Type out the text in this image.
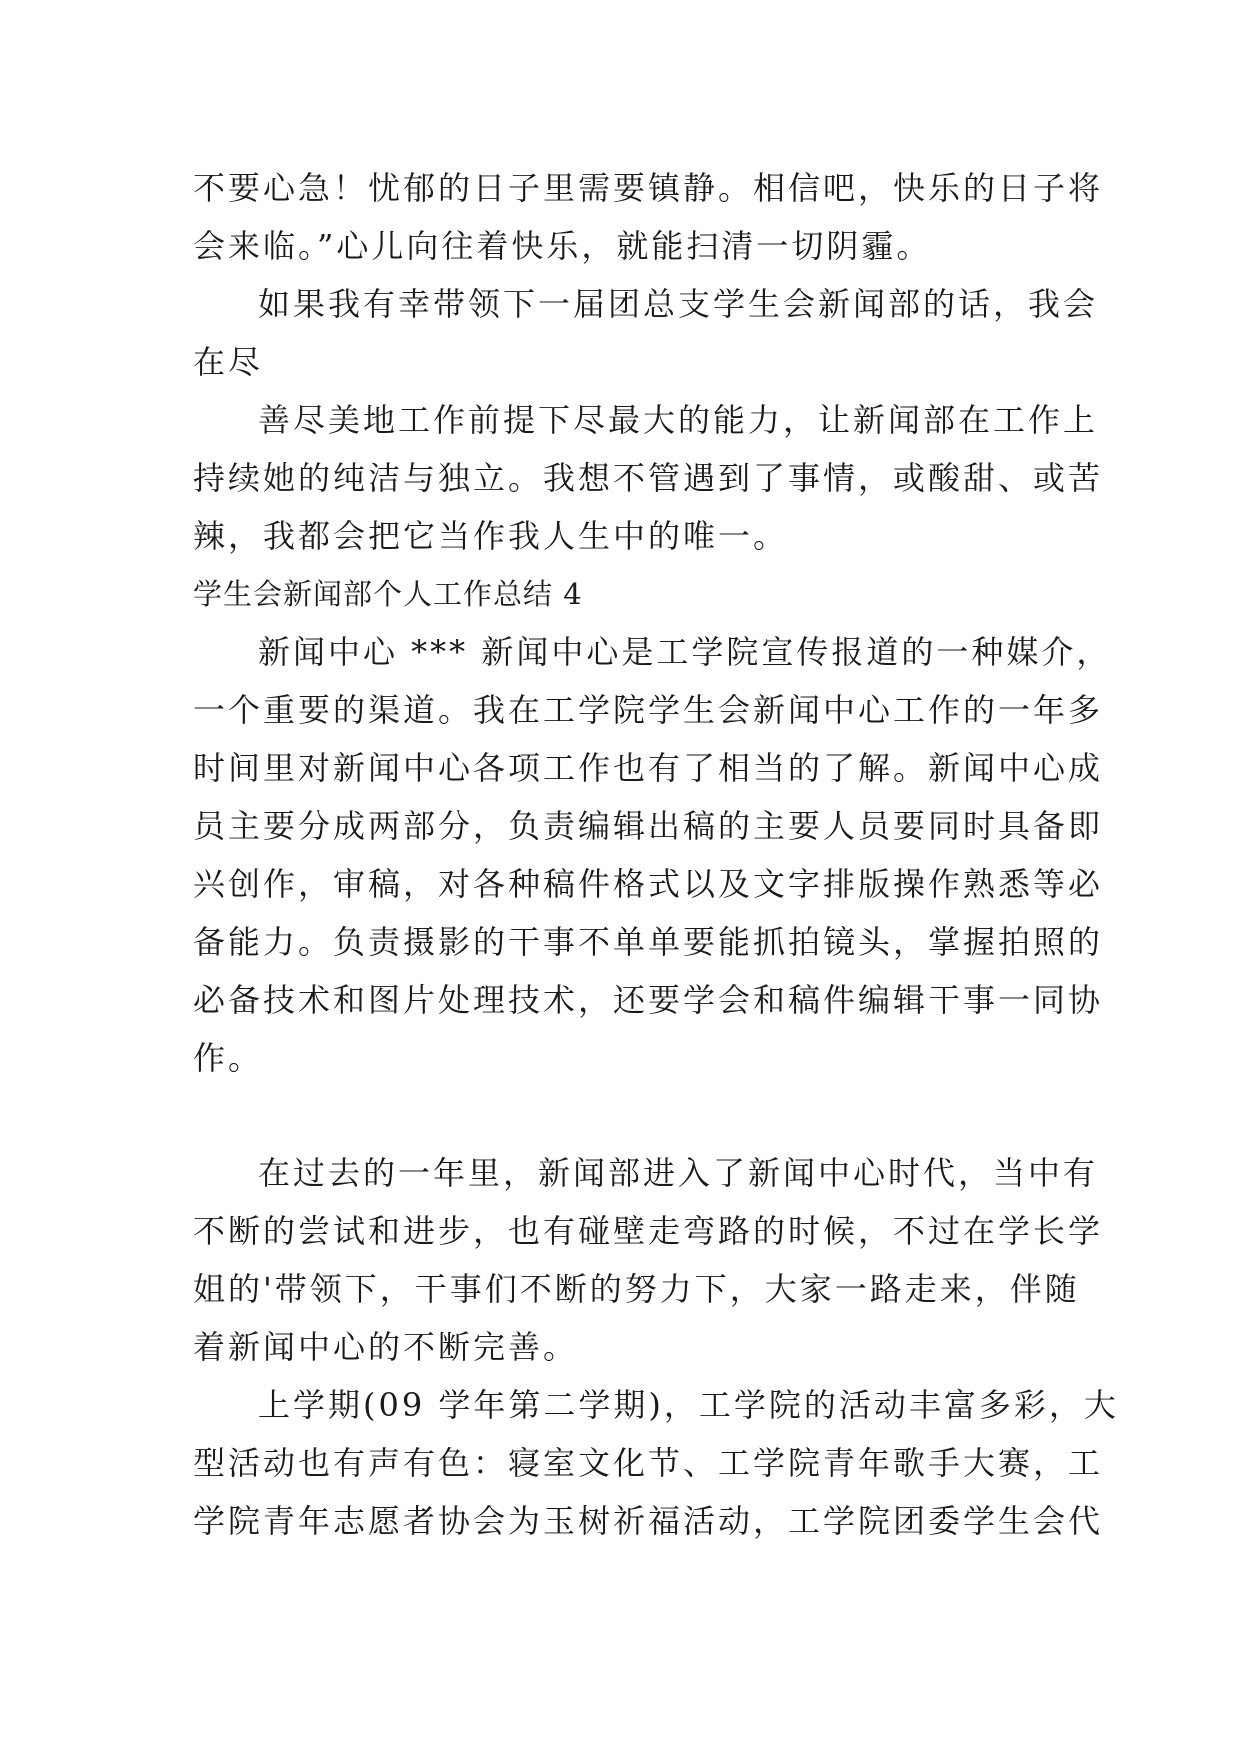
不要心急！忧郁的日子里需要镇静。相信吧，快乐的日子将
会来临。”心儿向往着快乐，就能扫清一切阴霾。
如果我有幸带领下一届团总支学生会新闻部的话，我会
在尽
善尽美地工作前提下尽最大的能力，让新闻部在工作上
持续她的纯洁与独立。我想不管遇到了事情，或酸甜、或苦
辣，我都会把它当作我人生中的唯一。
学生会新闻部个人工作总结 4
新闻中心 *** 新闻中心是工学院宣传报道的一种媒介，
一个重要的渠道。我在工学院学生会新闻中心工作的一年多
时间里对新闻中心各项工作也有了相当的了解。新闻中心成
员主要分成两部分，负责编辑出稿的主要人员要同时具备即
兴创作，审稿，对各种稿件格式以及文字排版操作熟悉等必
备能力。负责摄影的干事不单单要能抓拍镜头，掌握拍照的
必备技术和图片处理技术，还要学会和稿件编辑干事一同协
作。
在过去的一年里，新闻部进入了新闻中心时代，当中有
不断的尝试和进步，也有碰壁走弯路的时候，不过在学长学
姐的'带领下，干事们不断的努力下，大家一路走来，伴随
着新闻中心的不断完善。
上学期(09 学年第二学期)，工学院的活动丰富多彩，大
型活动也有声有色：寝室文化节、工学院青年歌手大赛，工
学院青年志愿者协会为玉树祈福活动，工学院团委学生会代
